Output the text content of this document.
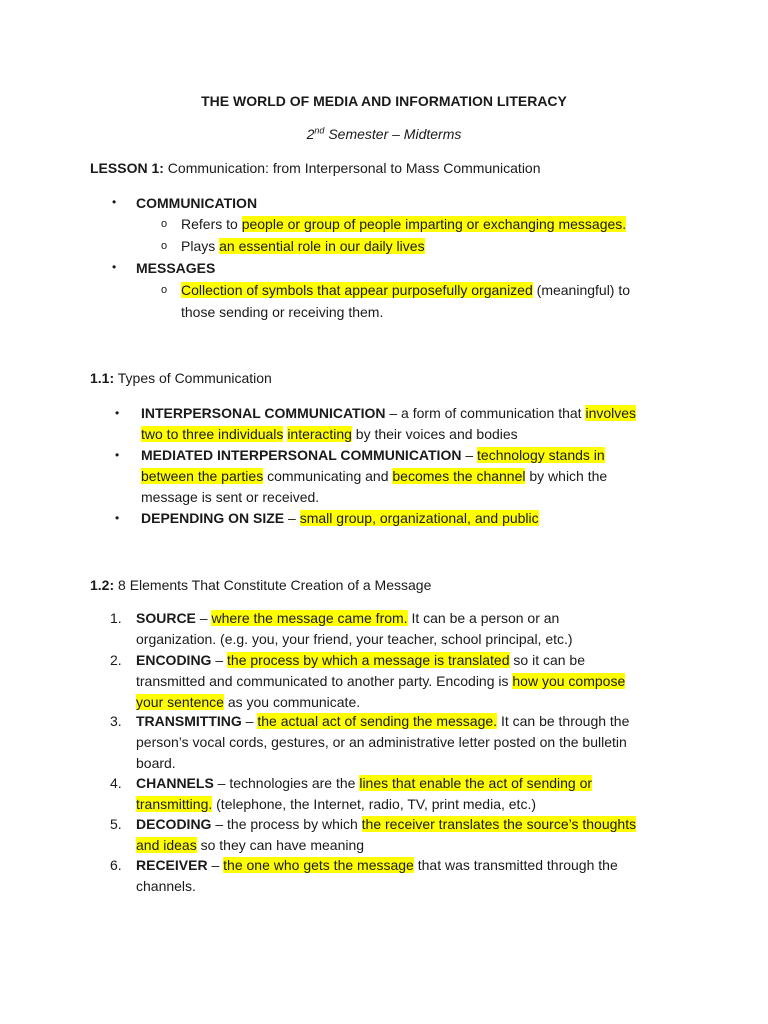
THE WORLD OF MEDIA AND INFORMATION LITERACY
2nd Semester – Midterms
LESSON 1: Communication: from Interpersonal to Mass Communication
• COMMUNICATION
o Refers to people or group of people imparting or exchanging messages.
o Plays an essential role in our daily lives
• MESSAGES
o Collection of symbols that appear purposefully organized (meaningful) to
those sending or receiving them.
1.1: Types of Communication
• INTERPERSONAL COMMUNICATION – a form of communication that involves
two to three individuals interacting by their voices and bodies
• MEDIATED INTERPERSONAL COMMUNICATION – technology stands in
between the parties communicating and becomes the channel by which the
message is sent or received.
• DEPENDING ON SIZE – small group, organizational, and public
1.2: 8 Elements That Constitute Creation of a Message
1. SOURCE – where the message came from. It can be a person or an
organization. (e.g. you, your friend, your teacher, school principal, etc.)
2. ENCODING – the process by which a message is translated so it can be
transmitted and communicated to another party. Encoding is how you compose
your sentence as you communicate.
3. TRANSMITTING – the actual act of sending the message. It can be through the
person’s vocal cords, gestures, or an administrative letter posted on the bulletin
board.
4. CHANNELS – technologies are the lines that enable the act of sending or
transmitting. (telephone, the Internet, radio, TV, print media, etc.)
5. DECODING – the process by which the receiver translates the source’s thoughts
and ideas so they can have meaning
6. RECEIVER – the one who gets the message that was transmitted through the
channels.
